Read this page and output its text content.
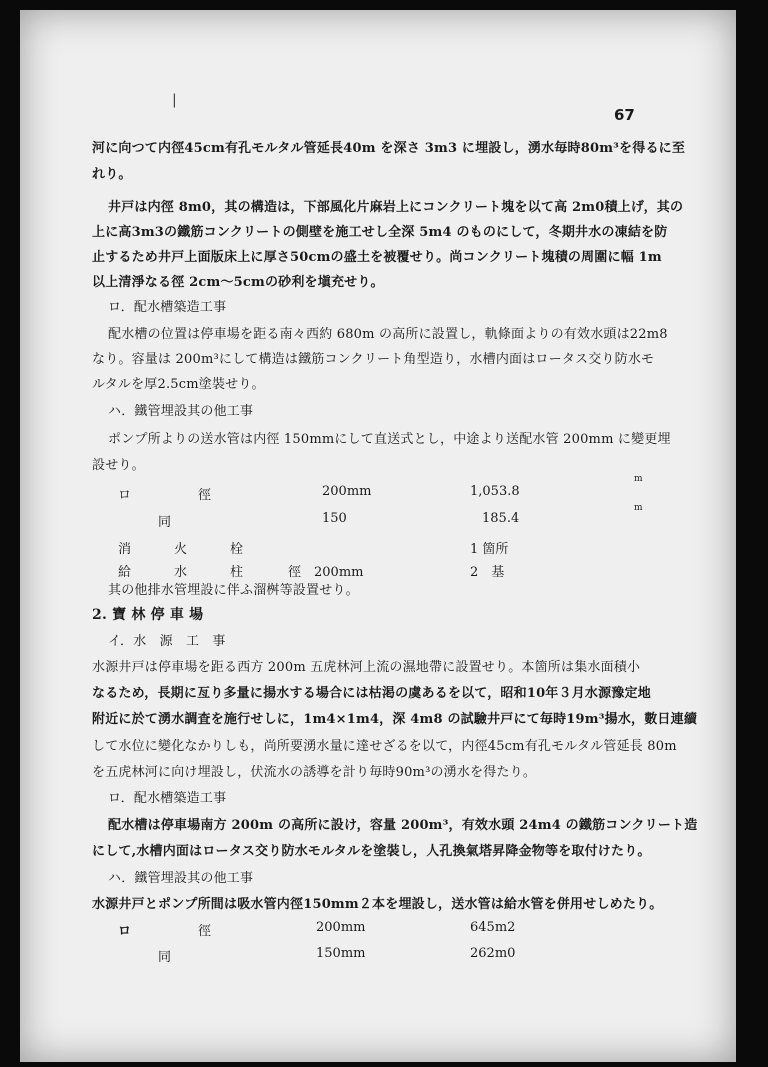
|
67
河に向つて内徑45cm有孔モルタル管延長40m を深さ 3m3 に埋設し，湧水毎時80m³を得るに至
れり。
井戸は内徑 8m0，其の構造は，下部風化片麻岩上にコンクリート塊を以て高 2m0積上げ，其の
上に高3m3の鐵筋コンクリートの側壁を施工せし全深 5m4 のものにして，冬期井水の凍結を防
止するため井戸上面版床上に厚さ50cmの盛土を被覆せり。尚コンクリート塊積の周圍に幅 1m
以上清淨なる徑 2cm～5cmの砂利を塡充せり。
ロ．配水槽築造工事
配水槽の位置は停車場を距る南々西約 680m の高所に設置し，軌條面よりの有效水頭は22m8
なり。容量は 200m³にして構造は鐵筋コンクリート角型造り，水槽内面はロータス交り防水モ
ルタルを厚2.5cm塗裝せり。
ハ．鐵管埋設其の他工事
ポンプ所よりの送水管は内徑 150mmにして直送式とし，中途より送配水管 200mm に變更埋
設せり。
m
m
ロ	徑	200mm	1,053.8
同	150	185.4
消	火	栓	1 箇所
給	水	柱	徑　200mm	2　基
其の他排水管埋設に伴ふ溜桝等設置せり。
2. 寶 林 停 車 場
イ．水　源　工　事
水源井戸は停車場を距る西方 200m 五虎林河上流の濕地帶に設置せり。本箇所は集水面積小
なるため，長期に亙り多量に揚水する場合には枯渇の虞あるを以て，昭和10年３月水源豫定地
附近に於て湧水調査を施行せしに，1m4×1m4，深 4m8 の試驗井戸にて毎時19m³揚水，數日連續
して水位に變化なかりしも，尚所要湧水量に達せざるを以て，内徑45cm有孔モルタル管延長 80m
を五虎林河に向け埋設し，伏流水の誘導を計り毎時90m³の湧水を得たり。
ロ．配水槽築造工事
配水槽は停車場南方 200m の高所に設け，容量 200m³，有效水頭 24m4 の鐵筋コンクリート造
にして,水槽内面はロータス交り防水モルタルを塗裝し，人孔換氣塔昇降金物等を取付けたり。
ハ．鐵管埋設其の他工事
水源井戸とポンプ所間は吸水管内徑150mm２本を埋設し，送水管は給水管を併用せしめたり。
ロ	徑	200mm	645m2
同	150mm	262m0
